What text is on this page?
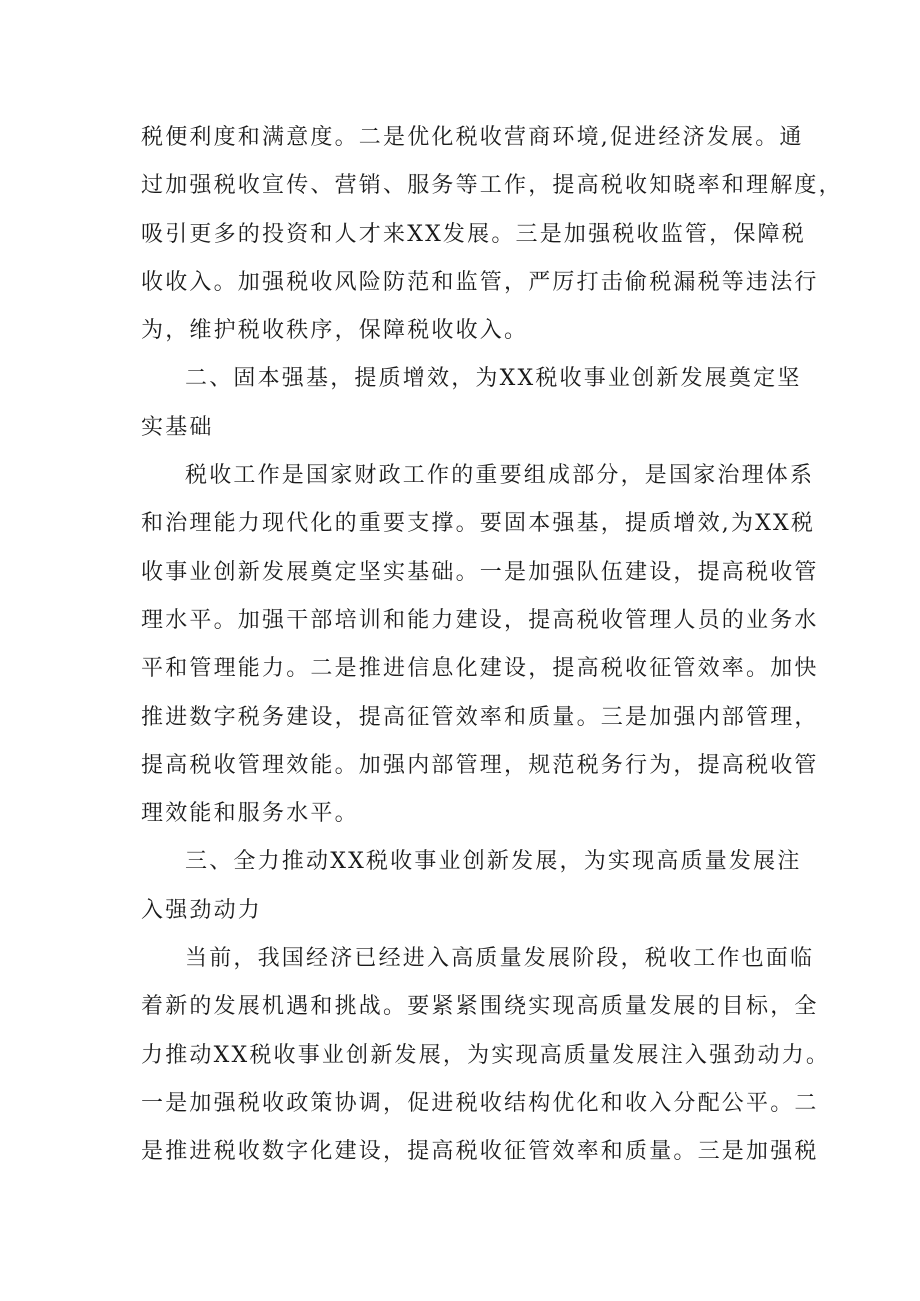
税便利度和满意度。二是优化税收营商环境,促进经济发展。通
过加强税收宣传、营销、服务等工作，提高税收知晓率和理解度，
吸引更多的投资和人才来XX发展。三是加强税收监管，保障税
收收入。加强税收风险防范和监管，严厉打击偷税漏税等违法行
为，维护税收秩序，保障税收收入。
二、固本强基，提质增效，为XX税收事业创新发展奠定坚
实基础
税收工作是国家财政工作的重要组成部分，是国家治理体系
和治理能力现代化的重要支撑。要固本强基，提质增效,为XX税
收事业创新发展奠定坚实基础。一是加强队伍建设，提高税收管
理水平。加强干部培训和能力建设，提高税收管理人员的业务水
平和管理能力。二是推进信息化建设，提高税收征管效率。加快
推进数字税务建设，提高征管效率和质量。三是加强内部管理，
提高税收管理效能。加强内部管理，规范税务行为，提高税收管
理效能和服务水平。
三、全力推动XX税收事业创新发展，为实现高质量发展注
入强劲动力
当前，我国经济已经进入高质量发展阶段，税收工作也面临
着新的发展机遇和挑战。要紧紧围绕实现高质量发展的目标，全
力推动XX税收事业创新发展，为实现高质量发展注入强劲动力。
一是加强税收政策协调，促进税收结构优化和收入分配公平。二
是推进税收数字化建设，提高税收征管效率和质量。三是加强税
